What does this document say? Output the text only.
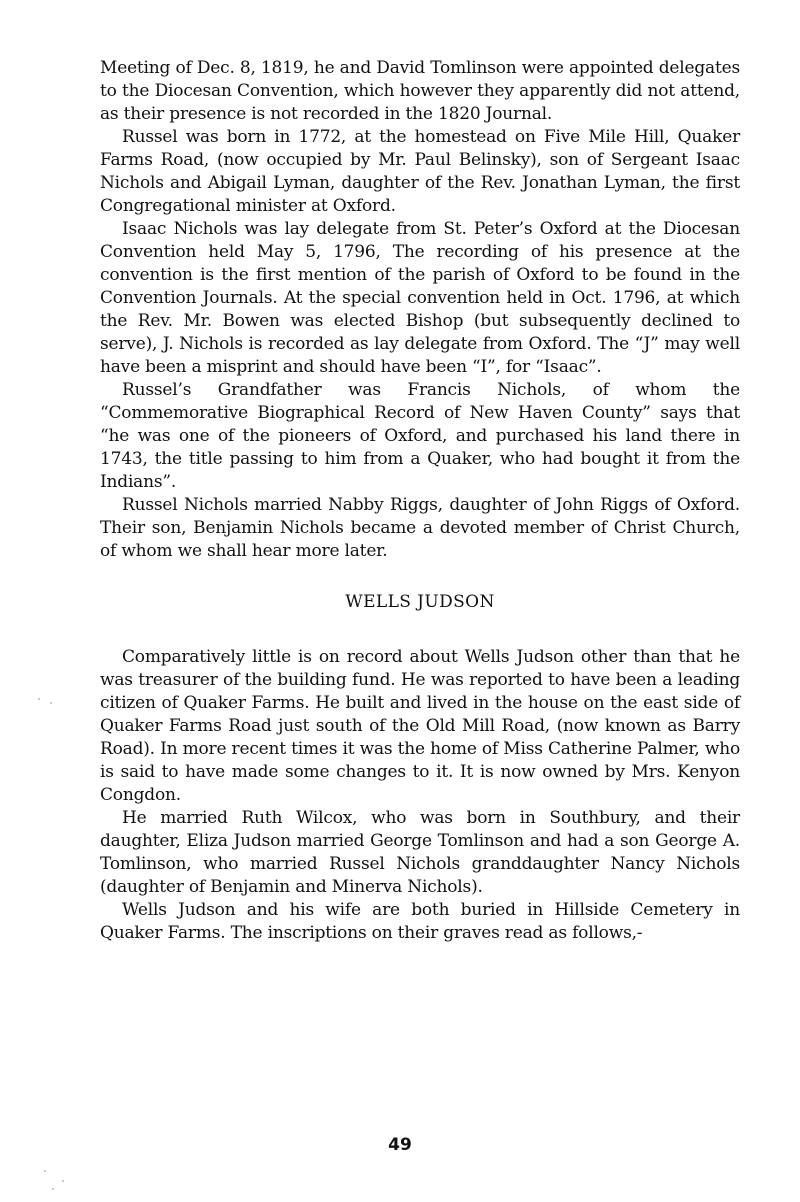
Meeting of Dec. 8, 1819, he and David Tomlinson were appointed delegates to the Diocesan Convention, which however they apparently did not attend, as their presence is not recorded in the 1820 Journal.

Russel was born in 1772, at the homestead on Five Mile Hill, Quaker Farms Road, (now occupied by Mr. Paul Belinsky), son of Sergeant Isaac Nichols and Abigail Lyman, daughter of the Rev. Jonathan Lyman, the first Congregational minister at Oxford.

Isaac Nichols was lay delegate from St. Peter’s Oxford at the Diocesan Convention held May 5, 1796, The recording of his presence at the convention is the first mention of the parish of Oxford to be found in the Convention Journals. At the special convention held in Oct. 1796, at which the Rev. Mr. Bowen was elected Bishop (but subsequently declined to serve), J. Nichols is recorded as lay delegate from Oxford. The “J” may well have been a misprint and should have been “I”, for “Isaac”.

Russel’s Grandfather was Francis Nichols, of whom the “Commemorative Biographical Record of New Haven County” says that “he was one of the pioneers of Oxford, and purchased his land there in 1743, the title passing to him from a Quaker, who had bought it from the Indians”.

Russel Nichols married Nabby Riggs, daughter of John Riggs of Oxford. Their son, Benjamin Nichols became a devoted member of Christ Church, of whom we shall hear more later.

WELLS JUDSON

Comparatively little is on record about Wells Judson other than that he was treasurer of the building fund. He was reported to have been a leading citizen of Quaker Farms. He built and lived in the house on the east side of Quaker Farms Road just south of the Old Mill Road, (now known as Barry Road). In more recent times it was the home of Miss Catherine Palmer, who is said to have made some changes to it. It is now owned by Mrs. Kenyon Congdon.

He married Ruth Wilcox, who was born in Southbury, and their daughter, Eliza Judson married George Tomlinson and had a son George A. Tomlinson, who married Russel Nichols granddaughter Nancy Nichols (daughter of Benjamin and Minerva Nichols).

Wells Judson and his wife are both buried in Hillside Cemetery in Quaker Farms. The inscriptions on their graves read as follows,-

49
